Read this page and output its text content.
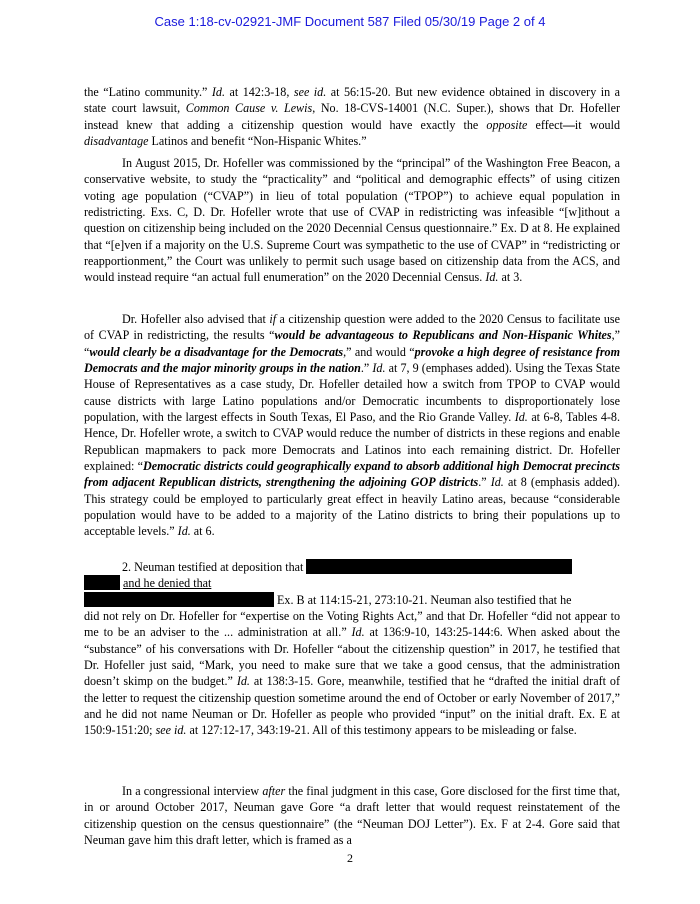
Case 1:18-cv-02921-JMF Document 587 Filed 05/30/19 Page 2 of 4

the “Latino community.” Id. at 142:3-18, see id. at 56:15-20. But new evidence obtained in discovery in a state court lawsuit, Common Cause v. Lewis, No. 18-CVS-14001 (N.C. Super.), shows that Dr. Hofeller instead knew that adding a citizenship question would have exactly the opposite effect—it would disadvantage Latinos and benefit “Non-Hispanic Whites.”

In August 2015, Dr. Hofeller was commissioned by the “principal” of the Washington Free Beacon, a conservative website, to study the “practicality” and “political and demographic effects” of using citizen voting age population (“CVAP”) in lieu of total population (“TPOP”) to achieve equal population in redistricting. Exs. C, D. Dr. Hofeller wrote that use of CVAP in redistricting was infeasible “[w]ithout a question on citizenship being included on the 2020 Decennial Census questionnaire.” Ex. D at 8. He explained that “[e]ven if a majority on the U.S. Supreme Court was sympathetic to the use of CVAP” in “redistricting or reapportionment,” the Court was unlikely to permit such usage based on citizenship data from the ACS, and would instead require “an actual full enumeration” on the 2020 Decennial Census. Id. at 3.

Dr. Hofeller also advised that if a citizenship question were added to the 2020 Census to facilitate use of CVAP in redistricting, the results “would be advantageous to Republicans and Non-Hispanic Whites,” “would clearly be a disadvantage for the Democrats,” and would “provoke a high degree of resistance from Democrats and the major minority groups in the nation.” Id. at 7, 9 (emphases added). Using the Texas State House of Representatives as a case study, Dr. Hofeller detailed how a switch from TPOP to CVAP would cause districts with large Latino populations and/or Democratic incumbents to disproportionately lose population, with the largest effects in South Texas, El Paso, and the Rio Grande Valley. Id. at 6-8, Tables 4-8. Hence, Dr. Hofeller wrote, a switch to CVAP would reduce the number of districts in these regions and enable Republican mapmakers to pack more Democrats and Latinos into each remaining district. Dr. Hofeller explained: “Democratic districts could geographically expand to absorb additional high Democrat precincts from adjacent Republican districts, strengthening the adjoining GOP districts.” Id. at 8 (emphasis added). This strategy could be employed to particularly great effect in heavily Latino areas, because “considerable population would have to be added to a majority of the Latino districts to bring their populations up to acceptable levels.” Id. at 6.

2. Neuman testified at deposition that
and he denied that
Ex. B at 114:15-21, 273:10-21. Neuman also testified that he
did not rely on Dr. Hofeller for “expertise on the Voting Rights Act,” and that Dr. Hofeller “did not appear to me to be an adviser to the ... administration at all.” Id. at 136:9-10, 143:25-144:6. When asked about the “substance” of his conversations with Dr. Hofeller “about the citizenship question” in 2017, he testified that Dr. Hofeller just said, “Mark, you need to make sure that we take a good census, that the administration doesn’t skimp on the budget.” Id. at 138:3-15. Gore, meanwhile, testified that he “drafted the initial draft of the letter to request the citizenship question sometime around the end of October or early November of 2017,” and he did not name Neuman or Dr. Hofeller as people who provided “input” on the initial draft. Ex. E at 150:9-151:20; see id. at 127:12-17, 343:19-21. All of this testimony appears to be misleading or false.

In a congressional interview after the final judgment in this case, Gore disclosed for the first time that, in or around October 2017, Neuman gave Gore “a draft letter that would request reinstatement of the citizenship question on the census questionnaire” (the “Neuman DOJ Letter”). Ex. F at 2-4. Gore said that Neuman gave him this draft letter, which is framed as a

2
